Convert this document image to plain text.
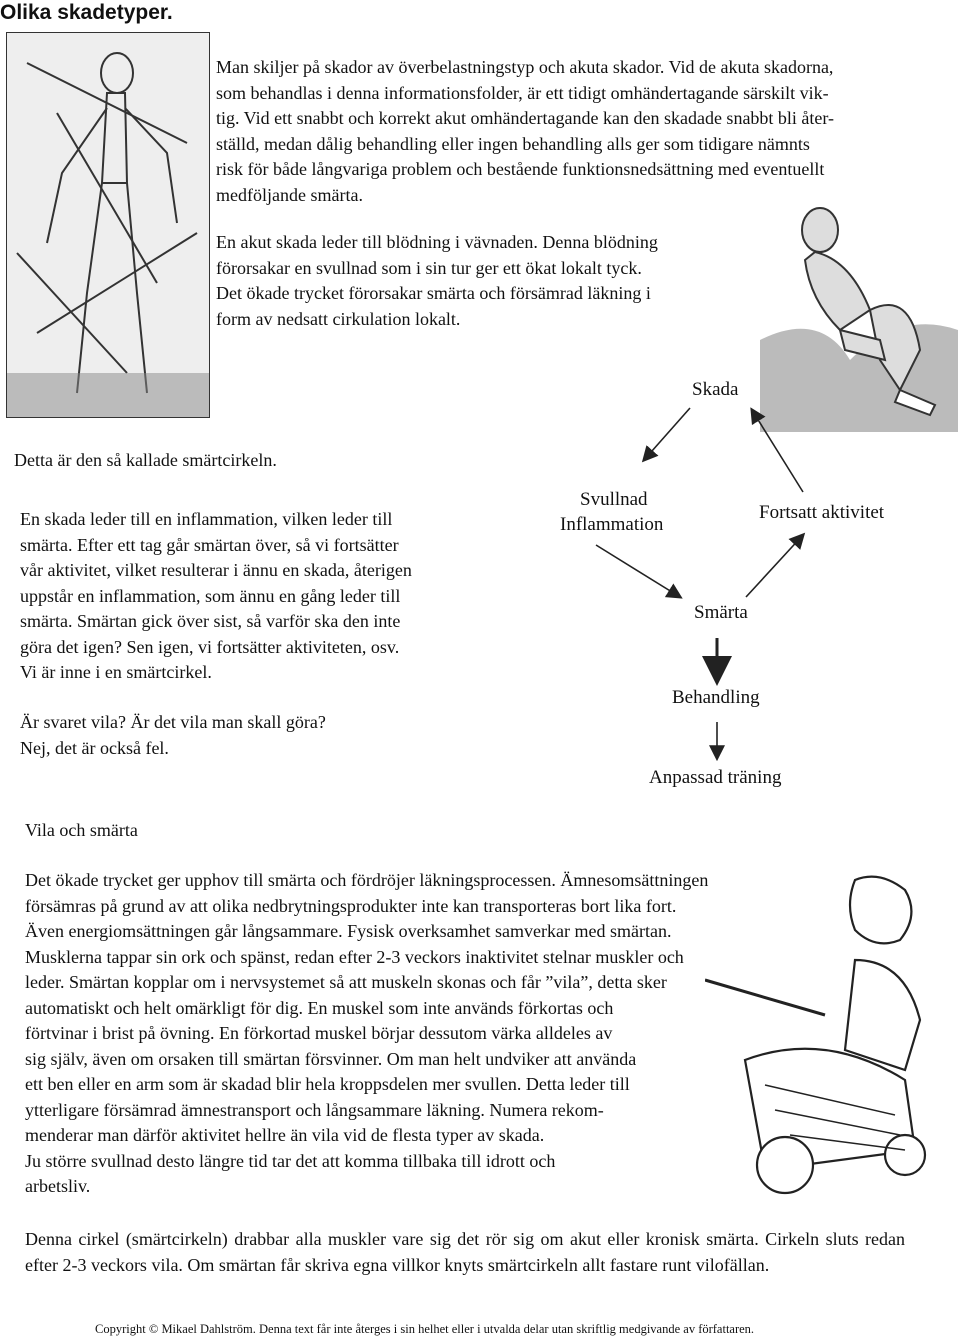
Olika skadetyper.
Man skiljer på skador av överbelastningstyp och akuta skador. Vid de akuta skadorna,
som behandlas i denna informationsfolder, är ett tidigt omhändertagande särskilt vik-
tig. Vid ett snabbt och korrekt akut omhändertagande kan den skadade snabbt bli åter-
ställd, medan dålig behandling eller ingen behandling alls ger som tidigare nämnts
risk för både långvariga problem och bestående funktionsnedsättning med eventuellt
medföljande smärta.
En akut skada leder till blödning i vävnaden. Denna blödning
förorsakar en svullnad som i sin tur ger ett ökat lokalt tyck.
Det ökade trycket förorsakar smärta och försämrad läkning i
form av nedsatt cirkulation lokalt.
Detta är den så kallade smärtcirkeln.
En skada leder till en inflammation, vilken leder till
smärta. Efter ett tag går smärtan över, så vi fortsätter
vår aktivitet, vilket resulterar i ännu en skada, återigen
uppstår en inflammation, som ännu en gång leder till
smärta. Smärtan gick över sist, så varför ska den inte
göra det igen? Sen igen, vi fortsätter aktiviteten, osv.
Vi är inne i en smärtcirkel.
Är svaret vila? Är det vila man skall göra?
Nej, det är också fel.
Skada
Svullnad
Inflammation
Fortsatt aktivitet
Smärta
Behandling
Anpassad träning
Vila och smärta
Det ökade trycket ger upphov till smärta och fördröjer läkningsprocessen. Ämnesomsättningen
försämras på grund av att olika nedbrytningsprodukter inte kan transporteras bort lika fort.
Även energiomsättningen går långsammare. Fysisk overksamhet samverkar med smärtan.
Musklerna tappar sin ork och spänst, redan efter 2-3 veckors inaktivitet stelnar muskler och
leder. Smärtan kopplar om i nervsystemet så att muskeln skonas och får ”vila”, detta sker
automatiskt och helt omärkligt för dig. En muskel som inte används förkortas och
förtvinar i brist på övning. En förkortad muskel börjar dessutom värka alldeles av
sig själv, även om orsaken till smärtan försvinner. Om man helt undviker att använda
ett ben eller en arm som är skadad blir hela kroppsdelen mer svullen. Detta leder till
ytterligare försämrad ämnestransport och långsammare läkning. Numera rekom-
menderar man därför aktivitet hellre än vila vid de flesta typer av skada.
Ju större svullnad desto längre tid tar det att komma tillbaka till idrott och
arbetsliv.
Denna cirkel (smärtcirkeln) drabbar alla muskler vare sig det rör sig om akut eller kronisk smärta. Cirkeln sluts redan efter 2-3 veckors vila. Om smärtan får skriva egna villkor knyts smärtcirkeln allt fastare runt vilofällan.
Copyright © Mikael Dahlström. Denna text får inte återges i sin helhet eller i utvalda delar utan skriftlig medgivande av författaren.
